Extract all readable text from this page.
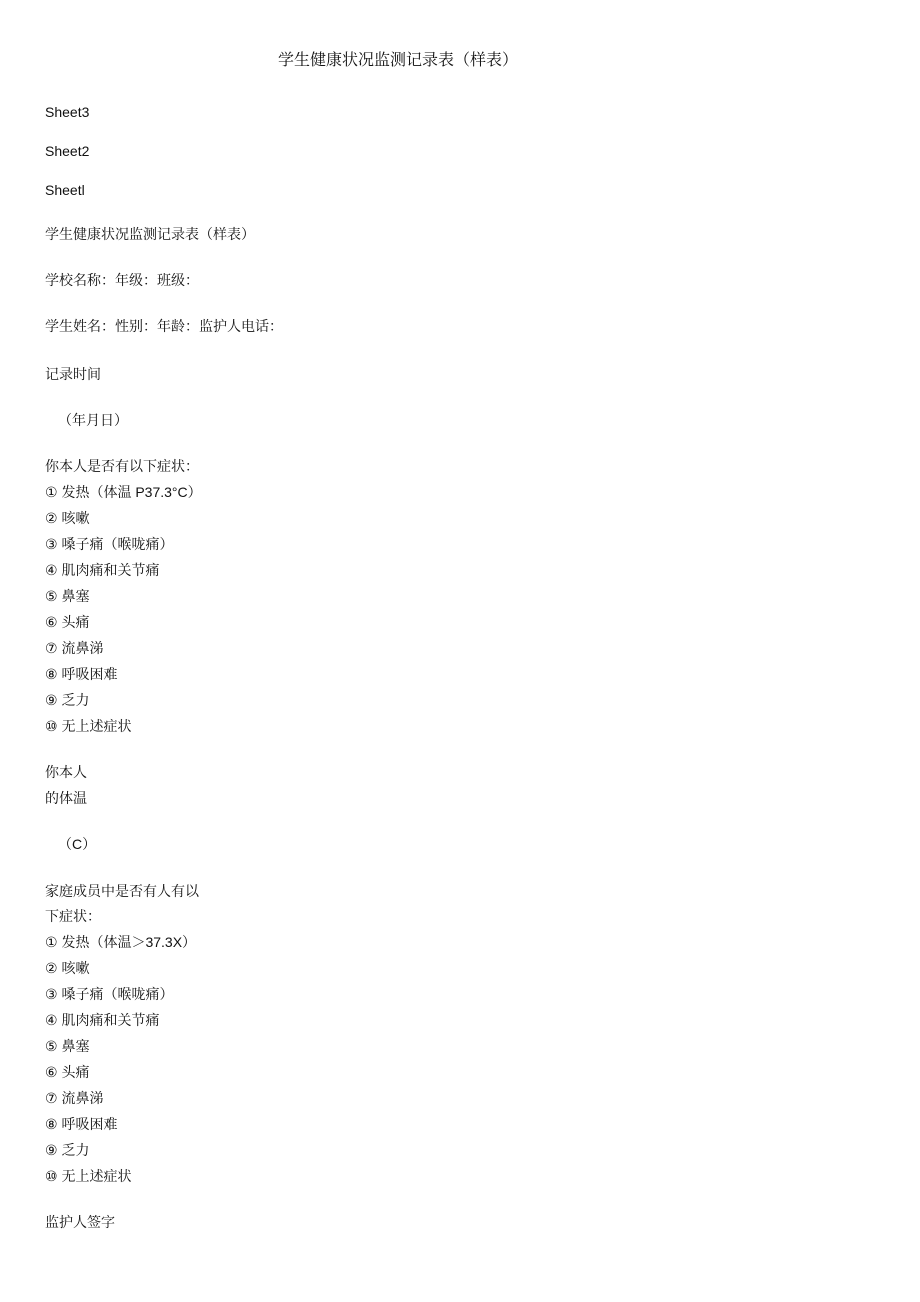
学生健康状况监测记录表（样表）
Sheet3
Sheet2
Sheetl
学生健康状况监测记录表（样表）
学校名称：年级：班级：
学生姓名：性别：年龄：监护人电话：
记录时间
（年月日）
你本人是否有以下症状：
① 发热（体温 P37.3°C）
② 咳嗽
③ 嗓子痛（喉咙痛）
④ 肌肉痛和关节痛
⑤ 鼻塞
⑥ 头痛
⑦ 流鼻涕
⑧ 呼吸困难
⑨ 乏力
⑩ 无上述症状
你本人
的体温
（C）
家庭成员中是否有人有以
下症状：
① 发热（体温＞37.3X）
② 咳嗽
③ 嗓子痛（喉咙痛）
④ 肌肉痛和关节痛
⑤ 鼻塞
⑥ 头痛
⑦ 流鼻涕
⑧ 呼吸困难
⑨ 乏力
⑩ 无上述症状
监护人签字
